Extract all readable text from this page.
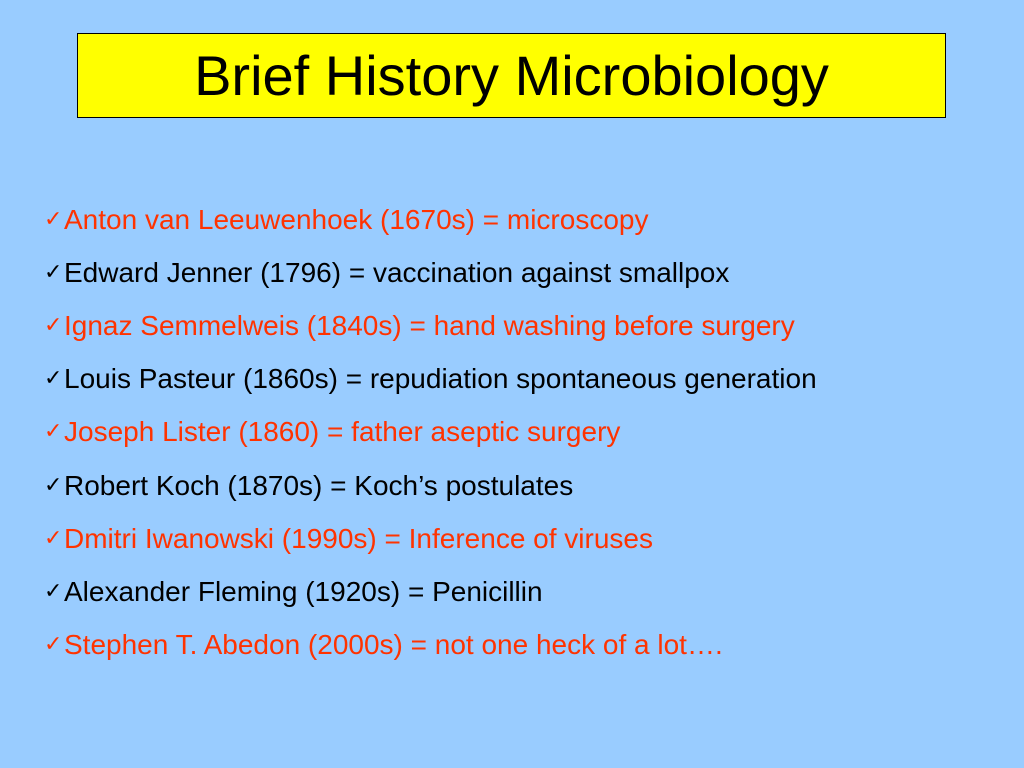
Brief History Microbiology
✓ Anton van Leeuwenhoek (1670s) = microscopy
✓ Edward Jenner (1796) = vaccination against smallpox
✓ Ignaz Semmelweis (1840s) = hand washing before surgery
✓ Louis Pasteur (1860s) = repudiation spontaneous generation
✓ Joseph Lister (1860) = father aseptic surgery
✓ Robert Koch (1870s) = Koch’s postulates
✓ Dmitri Iwanowski (1990s) = Inference of viruses
✓ Alexander Fleming (1920s) = Penicillin
✓ Stephen T. Abedon (2000s) = not one heck of a lot….
